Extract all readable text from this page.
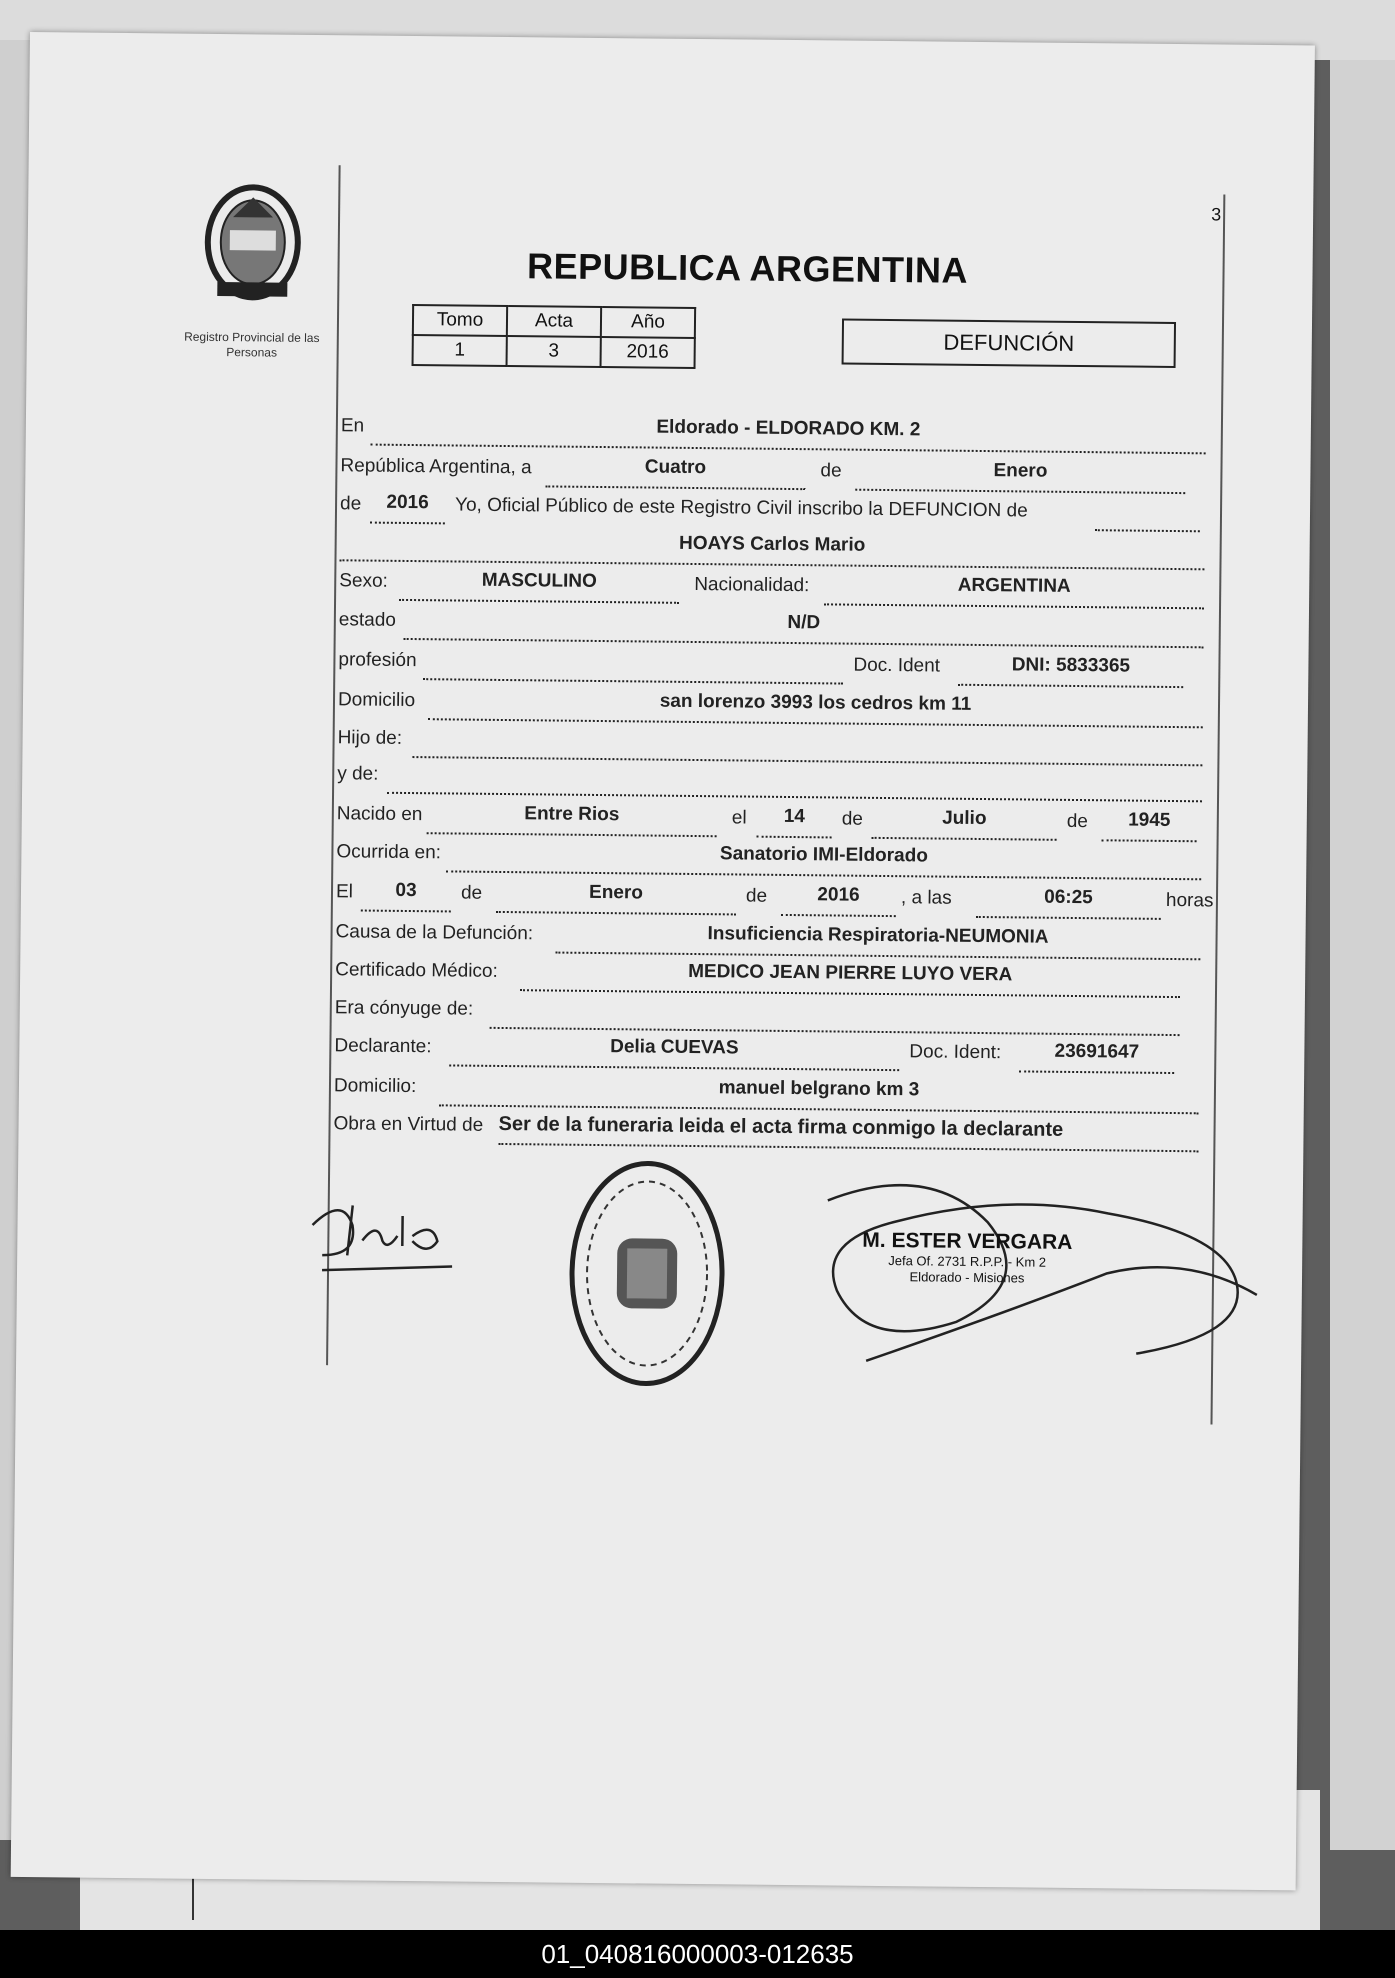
3
Registro Provincial de las Personas
REPUBLICA ARGENTINA
Tomo	Acta	Año
1	3	2016	DEFUNCIÓN
En	Eldorado - ELDORADO KM. 2
República Argentina, a	Cuatro	de	Enero
de	2016	Yo, Oficial Público de este Registro Civil inscribo la DEFUNCION de
HOAYS Carlos Mario
Sexo:	MASCULINO	Nacionalidad:	ARGENTINA
estado	N/D
profesión	Doc. Ident	DNI: 5833365
Domicilio	san lorenzo 3993 los cedros km 11
Hijo de:
y de:
Nacido en	Entre Rios	el	14	de	Julio	de	1945
Ocurrida en:	Sanatorio IMI-Eldorado
El	03	de	Enero	de	2016	, a las	06:25	horas
Causa de la Defunción:	Insuficiencia Respiratoria-NEUMONIA
Certificado Médico:	MEDICO JEAN PIERRE LUYO VERA
Era cónyuge de:
Declarante:	Delia CUEVAS	Doc. Ident:	23691647
Domicilio:	manuel belgrano km 3
Obra en Virtud de Ser de la funeraria leida el acta firma conmigo la declarante
M. ESTER VERGARA
Jefa Of. 2731 R.P.P. - Km 2
Eldorado - Misiones
01_040816000003-012635
